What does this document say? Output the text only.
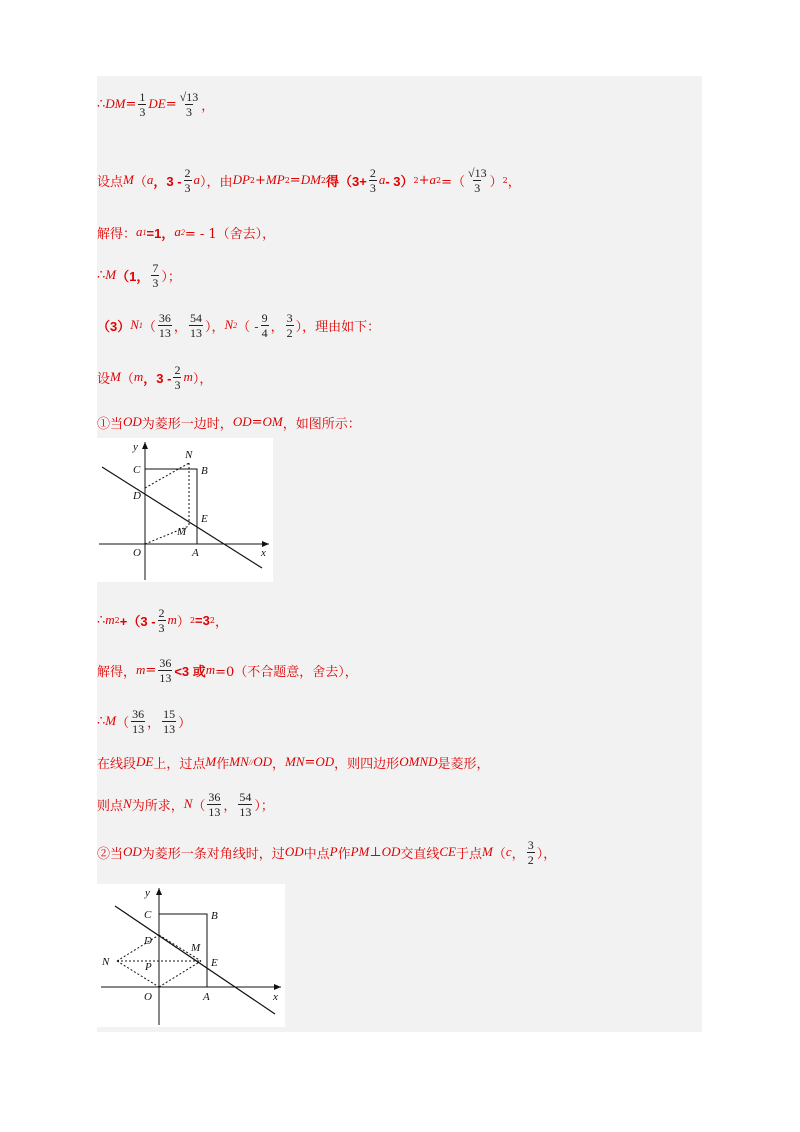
∴ DM = $\frac{1}{3}$ DE = $\frac{√13}{3}$ ，
设点 M （ a ，$3 - \frac{2}{3}$ a ），由 DP 2 + MP 2 = DM 2 得（$3+ \frac{2}{3}$ a - 3） 2 + a 2 =（ $\frac{√13}{3}$ ） 2 ，
解得： a 1 =1， a 2 = - 1（舍去），
∴ M （1， $\frac{7}{3}$ ）；
（3） N 1 （ $\frac{36}{13}$ ， $\frac{54}{13}$ ）， N 2 （ - $\frac{9}{4}$ ， $\frac{3}{2}$ ），理由如下：
设 M （ m ，$3 - \frac{2}{3}$ m ），
①当 OD 为菱形一边时， OD = OM ，如图所示：
y
x
O	A
C
D
B
E
M
N
∴ m $2 +(3 - \frac{2}{3}$ m ） 2 =3 2 ，
解得， $m = \frac{36}{13} <3$ 或 m =0（不合题意，舍去），
∴ M （ $\frac{36}{13}$ ， $\frac{15}{13}$ ）
在线段 DE 上，过点 M 作 MN // OD ， MN = OD ，则四边形 OMND 是菱形，
则点 N 为所求， N （ $\frac{36}{13}$ ， $\frac{54}{13}$ ）；
②当 OD 为菱形一条对角线时，过 OD 中点 P 作 PM ⊥ OD 交直线 CE 于点 M （ c ， $\frac{3}{2}$ ），
y
x
O	A
C
D
B
E
M
N	P
